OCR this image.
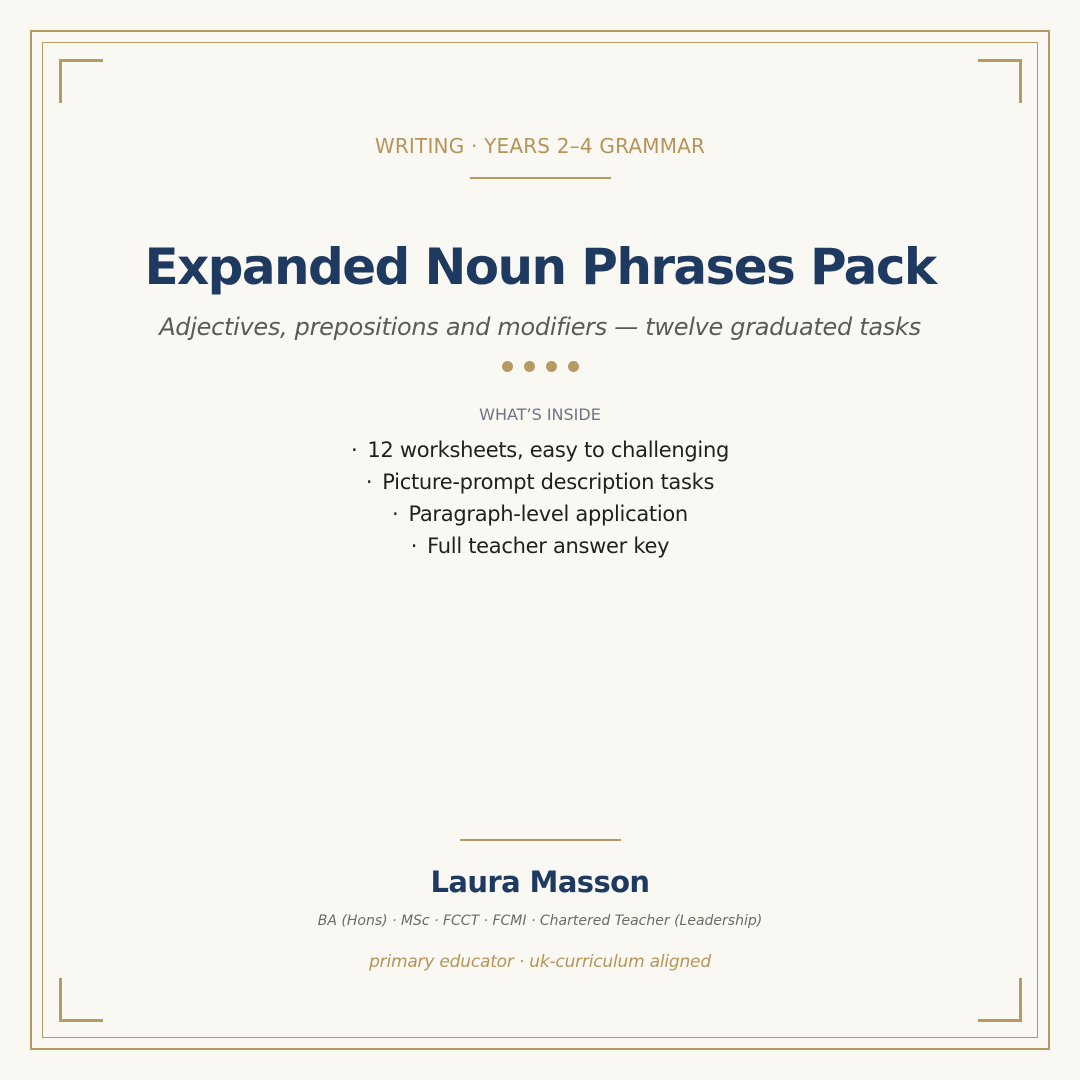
WRITING · YEARS 2–4 GRAMMAR

Expanded Noun Phrases Pack

Adjectives, prepositions and modifiers — twelve graduated tasks

WHAT’S INSIDE

· 12 worksheets, easy to challenging
· Picture-prompt description tasks
· Paragraph-level application
· Full teacher answer key

Laura Masson

BA (Hons) · MSc · FCCT · FCMI · Chartered Teacher (Leadership)

primary educator · uk-curriculum aligned
